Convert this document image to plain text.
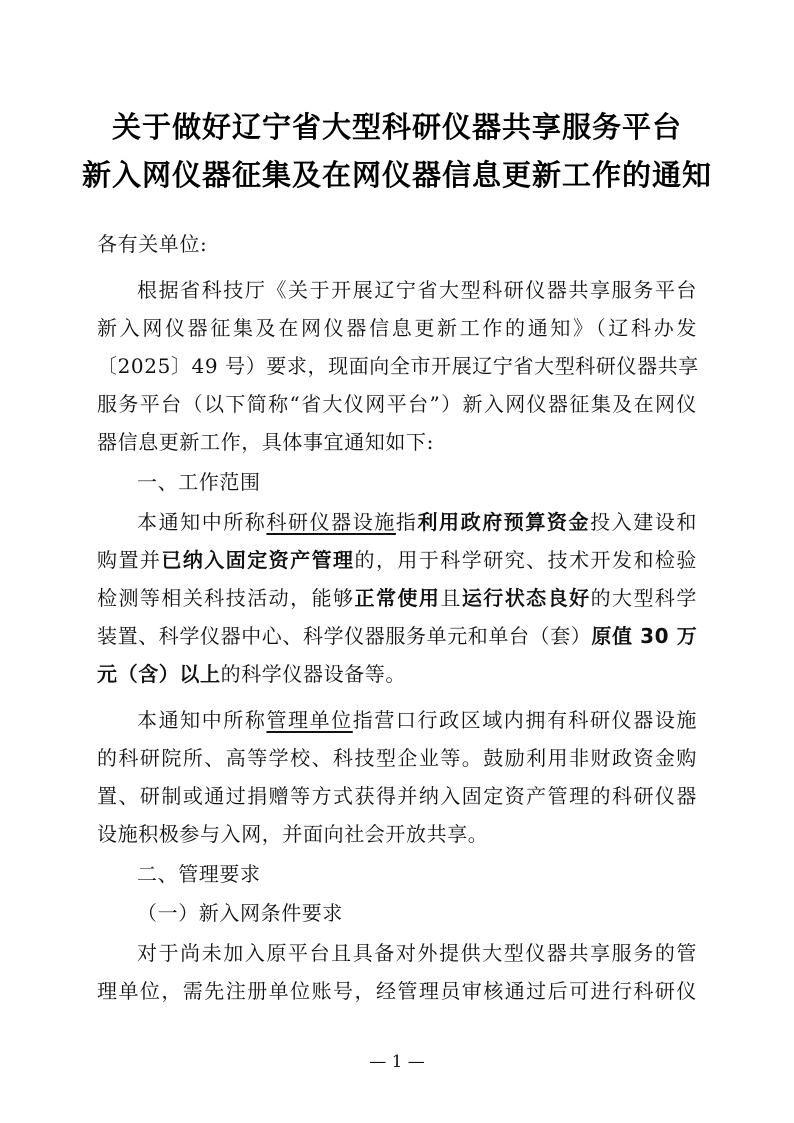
关于做好辽宁省大型科研仪器共享服务平台
新入网仪器征集及在网仪器信息更新工作的通知
各有关单位:
根据省科技厅《关于开展辽宁省大型科研仪器共享服务平台
新入网仪器征集及在网仪器信息更新工作的通知》（辽科办发
〔2025〕49 号）要求，现面向全市开展辽宁省大型科研仪器共享
服务平台（以下简称“省大仪网平台”）新入网仪器征集及在网仪
器信息更新工作，具体事宜通知如下:
一、工作范围
本通知中所称科研仪器设施指利用政府预算资金投入建设和
购置并已纳入固定资产管理的，用于科学研究、技术开发和检验
检测等相关科技活动，能够正常使用且运行状态良好的大型科学
装置、科学仪器中心、科学仪器服务单元和单台（套）原值 30 万
元（含）以上的科学仪器设备等。
本通知中所称管理单位指营口行政区域内拥有科研仪器设施
的科研院所、高等学校、科技型企业等。鼓励利用非财政资金购
置、研制或通过捐赠等方式获得并纳入固定资产管理的科研仪器
设施积极参与入网，并面向社会开放共享。
二、管理要求
（一）新入网条件要求
对于尚未加入原平台且具备对外提供大型仪器共享服务的管
理单位，需先注册单位账号，经管理员审核通过后可进行科研仪
— 1 —
